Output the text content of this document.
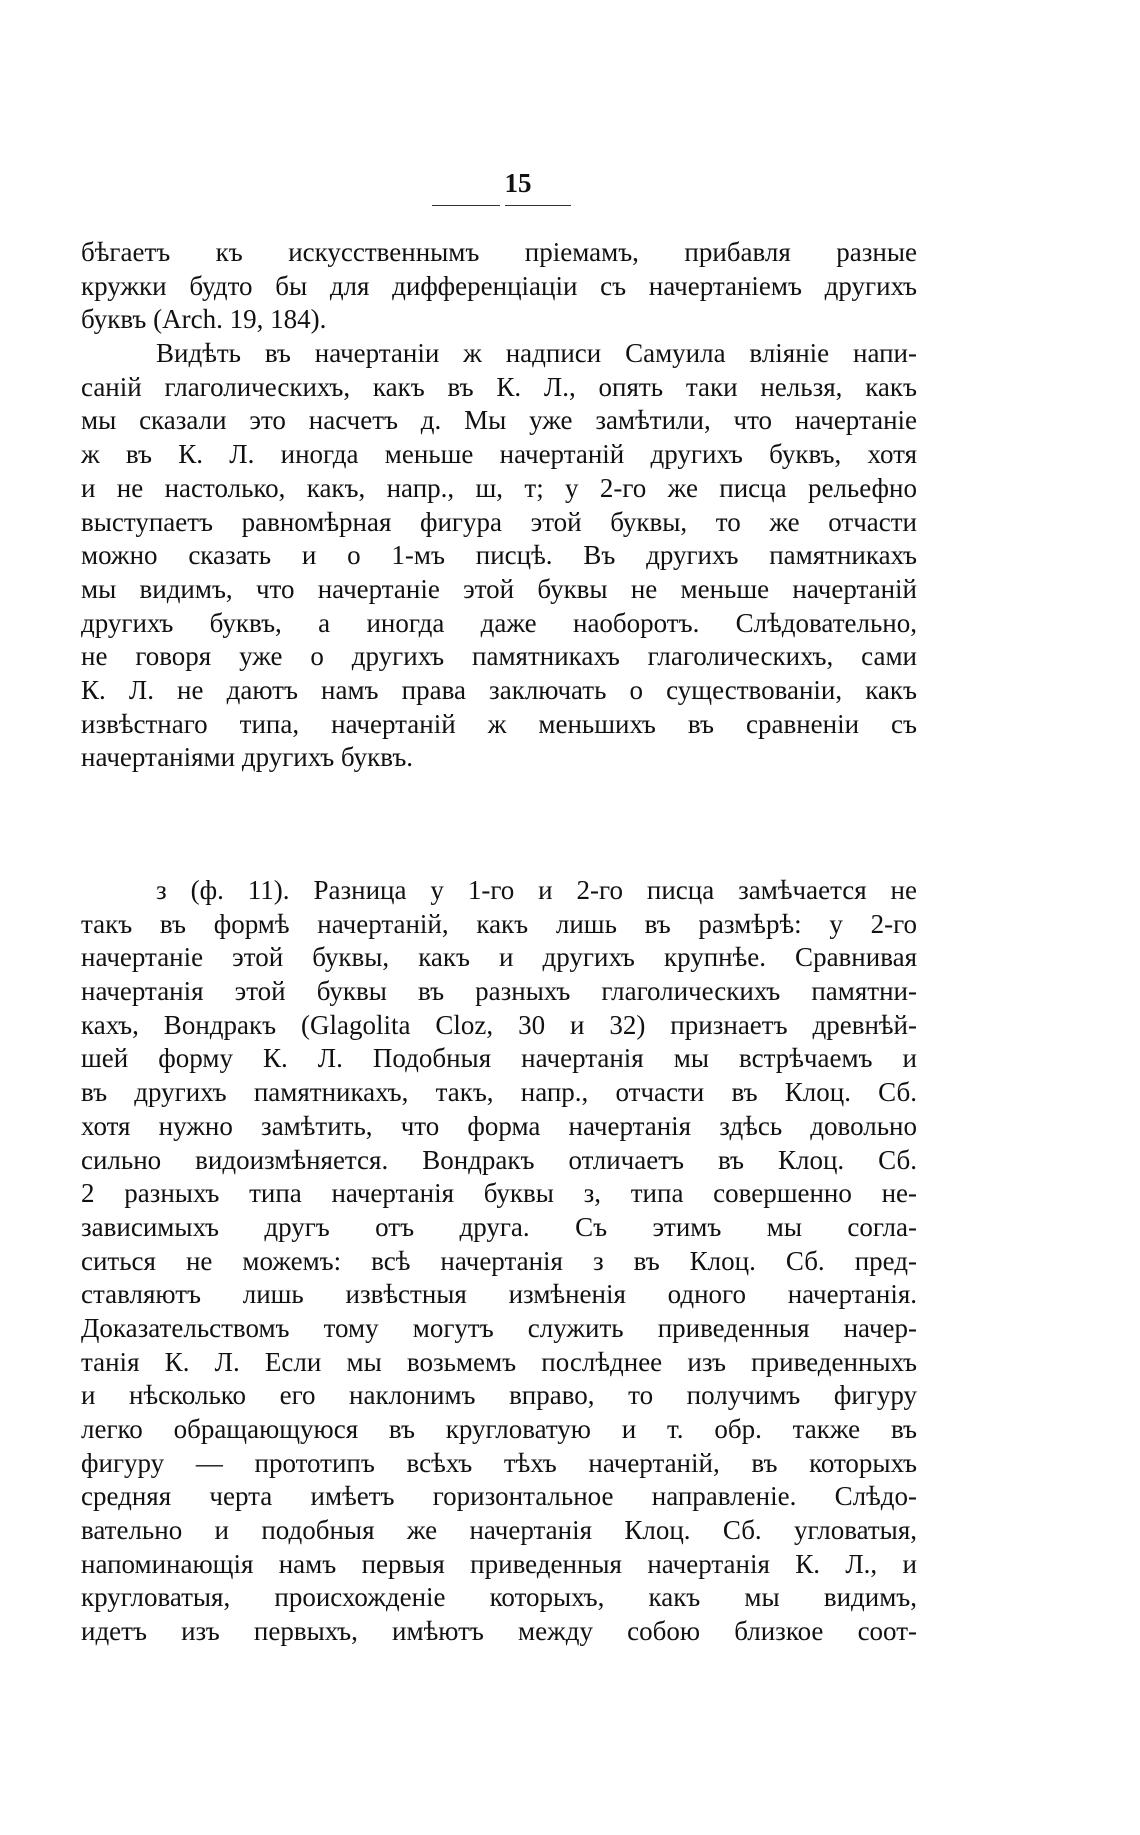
15
бѣгаетъ къ искусственнымъ пріемамъ, прибавля разные
кружки будто бы для дифференціаціи съ начертаніемъ другихъ
буквъ (Arch. 19, 184).
Видѣть въ начертаніи ж надписи Самуила вліяніе напи-
саній глаголическихъ, какъ въ К. Л., опять таки нельзя, какъ
мы сказали это насчетъ д. Мы уже замѣтили, что начертаніе
ж въ К. Л. иногда меньше начертаній другихъ буквъ, хотя
и не настолько, какъ, напр., ш, т; у 2-го же писца рельефно
выступаетъ равномѣрная фигура этой буквы, то же отчасти
можно сказать и о 1-мъ писцѣ. Въ другихъ памятникахъ
мы видимъ, что начертаніе этой буквы не меньше начертаній
другихъ буквъ, а иногда даже наоборотъ. Слѣдовательно,
не говоря уже о другихъ памятникахъ глаголическихъ, сами
К. Л. не даютъ намъ права заключать о существованіи, какъ
извѣстнаго типа, начертаній ж меньшихъ въ сравненіи съ
начертаніями другихъ буквъ.
з (ф. 11). Разница у 1-го и 2-го писца замѣчается не
такъ въ формѣ начертаній, какъ лишь въ размѣрѣ: у 2-го
начертаніе этой буквы, какъ и другихъ крупнѣе. Сравнивая
начертанія этой буквы въ разныхъ глаголическихъ памятни-
кахъ, Вондракъ (Glagolita Cloz, 30 и 32) признаетъ древнѣй-
шей форму К. Л. Подобныя начертанія мы встрѣчаемъ и
въ другихъ памятникахъ, такъ, напр., отчасти въ Клоц. Сб.
хотя нужно замѣтить, что форма начертанія здѣсь довольно
сильно видоизмѣняется. Вондракъ отличаетъ въ Клоц. Сб.
2 разныхъ типа начертанія буквы з, типа совершенно не-
зависимыхъ другъ отъ друга. Съ этимъ мы согла-
ситься не можемъ: всѣ начертанія з въ Клоц. Сб. пред-
ставляютъ лишь извѣстныя измѣненія одного начертанія.
Доказательствомъ тому могутъ служить приведенныя начер-
танія К. Л. Если мы возьмемъ послѣднее изъ приведенныхъ
и нѣсколько его наклонимъ вправо, то получимъ фигуру
легко обращающуюся въ кругловатую и т. обр. также въ
фигуру — прототипъ всѣхъ тѣхъ начертаній, въ которыхъ
средняя черта имѣетъ горизонтальное направленіе. Слѣдо-
вательно и подобныя же начертанія Клоц. Сб. угловатыя,
напоминающія намъ первыя приведенныя начертанія К. Л., и
кругловатыя, происхожденіе которыхъ, какъ мы видимъ,
идетъ изъ первыхъ, имѣютъ между собою близкое соот-
